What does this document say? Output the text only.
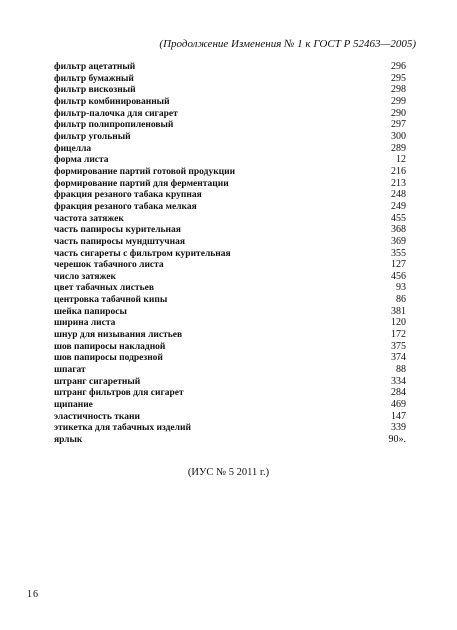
(Продолжение Изменения № 1 к ГОСТ Р 52463—2005)
фильтр ацетатный	296
фильтр бумажный	295
фильтр вискозный	298
фильтр комбинированный	299
фильтр-палочка для сигарет	290
фильтр полипропиленовый	297
фильтр угольный	300
фицелла	289
форма листа	12
формирование партий готовой продукции	216
формирование партий для ферментации	213
фракция резаного табака крупная	248
фракция резаного табака мелкая	249
частота затяжек	455
часть папиросы курительная	368
часть папиросы мундштучная	369
часть сигареты с фильтром курительная	355
черешок табачного листа	127
число затяжек	456
цвет табачных листьев	93
центровка табачной кипы	86
шейка папиросы	381
ширина листа	120
шнур для низывания листьев	172
шов папиросы накладной	375
шов папиросы подрезной	374
шпагат	88
штранг сигаретный	334
штранг фильтров для сигарет	284
щипание	469
эластичность ткани	147
этикетка для табачных изделий	339
ярлык	90».
(ИУС № 5 2011 г.)
16
